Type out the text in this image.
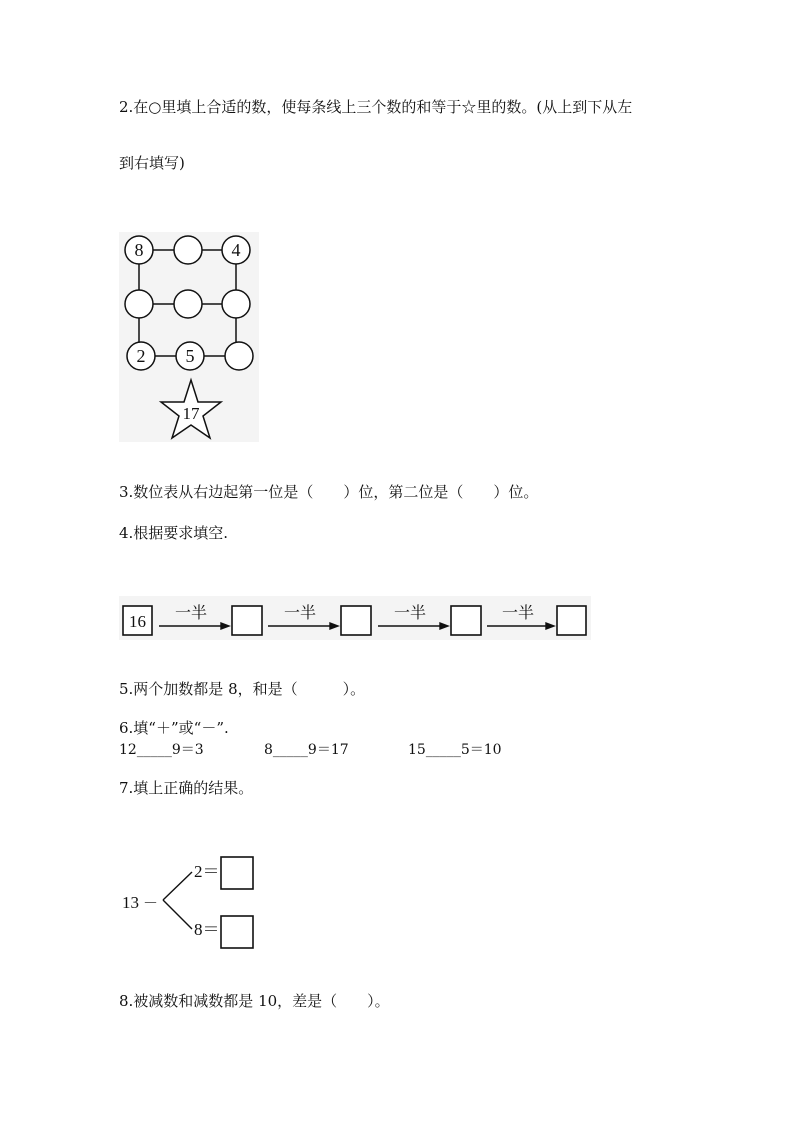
2.在○里填上合适的数，使每条线上三个数的和等于☆里的数。(从上到下从左
到右填写)
8	4
2 5
17
3.数位表从右边起第一位是（　　）位，第二位是（　　）位。
4.根据要求填空.
16 一半	一半	一半	一半
5.两个加数都是 8，和是（　　　）。
6.填“＋”或“－”.
12_____9＝3	8_____9＝17	15_____5＝10
7.填上正确的结果。
13 －
2＝
8＝
8.被减数和减数都是 10，差是（　　）。
